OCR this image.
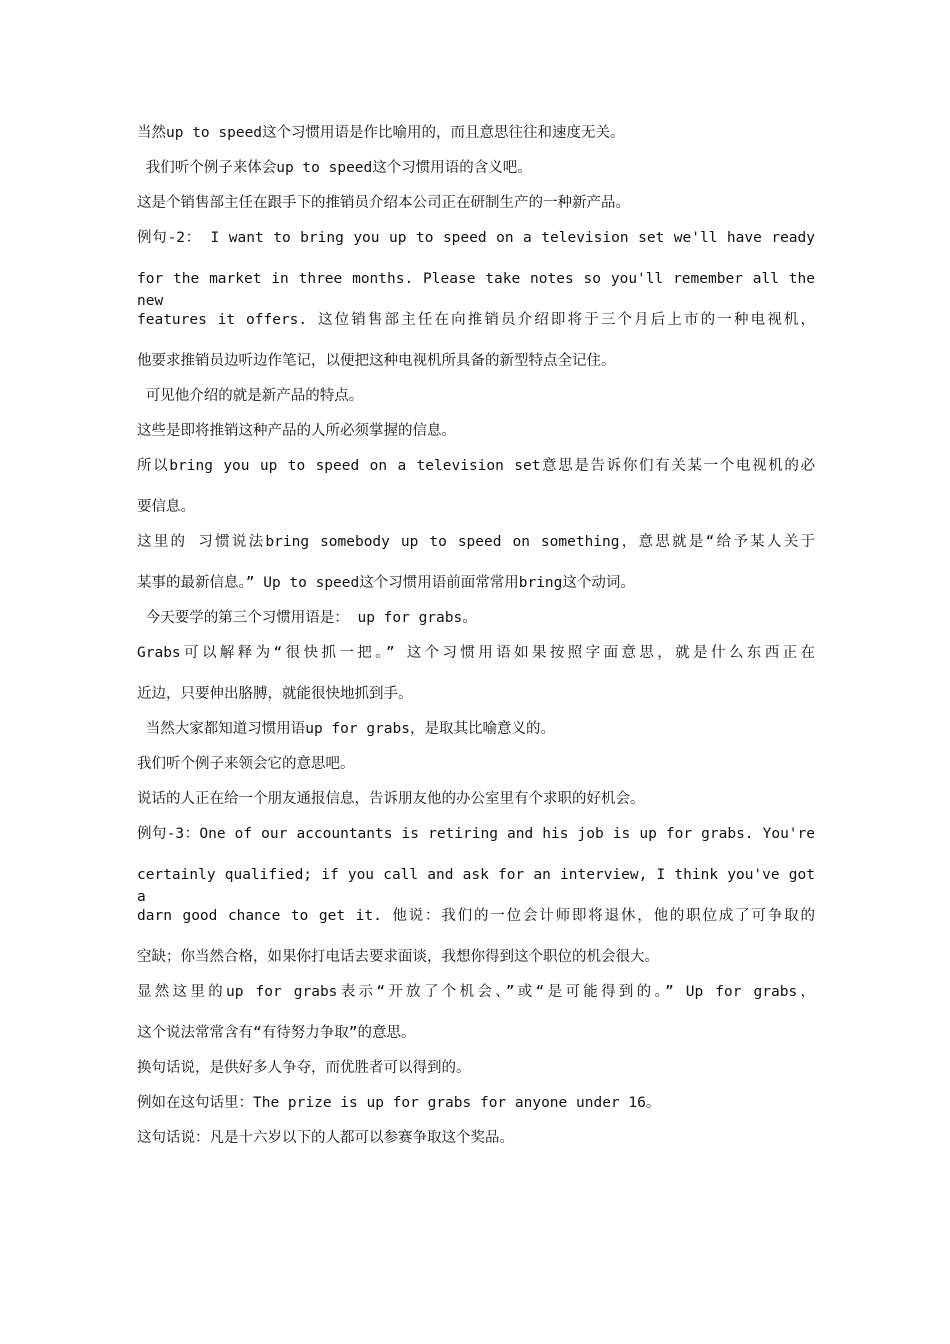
当然up to speed这个习惯用语是作比喻用的，而且意思往往和速度无关。
我们听个例子来体会up to speed这个习惯用语的含义吧。
这是个销售部主任在跟手下的推销员介绍本公司正在研制生产的一种新产品。
例句-2： I want to bring you up to speed on a television set we'll have ready
for the market in three months. Please take notes so you'll remember all the new
features it offers. 这位销售部主任在向推销员介绍即将于三个月后上市的一种电视机，
他要求推销员边听边作笔记，以便把这种电视机所具备的新型特点全记住。
可见他介绍的就是新产品的特点。
这些是即将推销这种产品的人所必须掌握的信息。
所以bring you up to speed on a television set意思是告诉你们有关某一个电视机的必
要信息。
这里的 习惯说法bring somebody up to speed on something，意思就是“给予某人关于
某事的最新信息。” Up to speed这个习惯用语前面常常用bring这个动词。
今天要学的第三个习惯用语是： up for grabs。
Grabs可以解释为“很快抓一把。” 这个习惯用语如果按照字面意思，就是什么东西正在
近边，只要伸出胳膊，就能很快地抓到手。
当然大家都知道习惯用语up for grabs，是取其比喻意义的。
我们听个例子来领会它的意思吧。
说话的人正在给一个朋友通报信息，告诉朋友他的办公室里有个求职的好机会。
例句-3：One of our accountants is retiring and his job is up for grabs. You're
certainly qualified; if you call and ask for an interview, I think you've got a
darn good chance to get it. 他说：我们的一位会计师即将退休，他的职位成了可争取的
空缺；你当然合格，如果你打电话去要求面谈，我想你得到这个职位的机会很大。
显然这里的up for grabs表示“开放了个机会、”或“是可能得到的。” Up for grabs，
这个说法常常含有“有待努力争取”的意思。
换句话说，是供好多人争夺，而优胜者可以得到的。
例如在这句话里：The prize is up for grabs for anyone under 16。
这句话说：凡是十六岁以下的人都可以参赛争取这个奖品。
